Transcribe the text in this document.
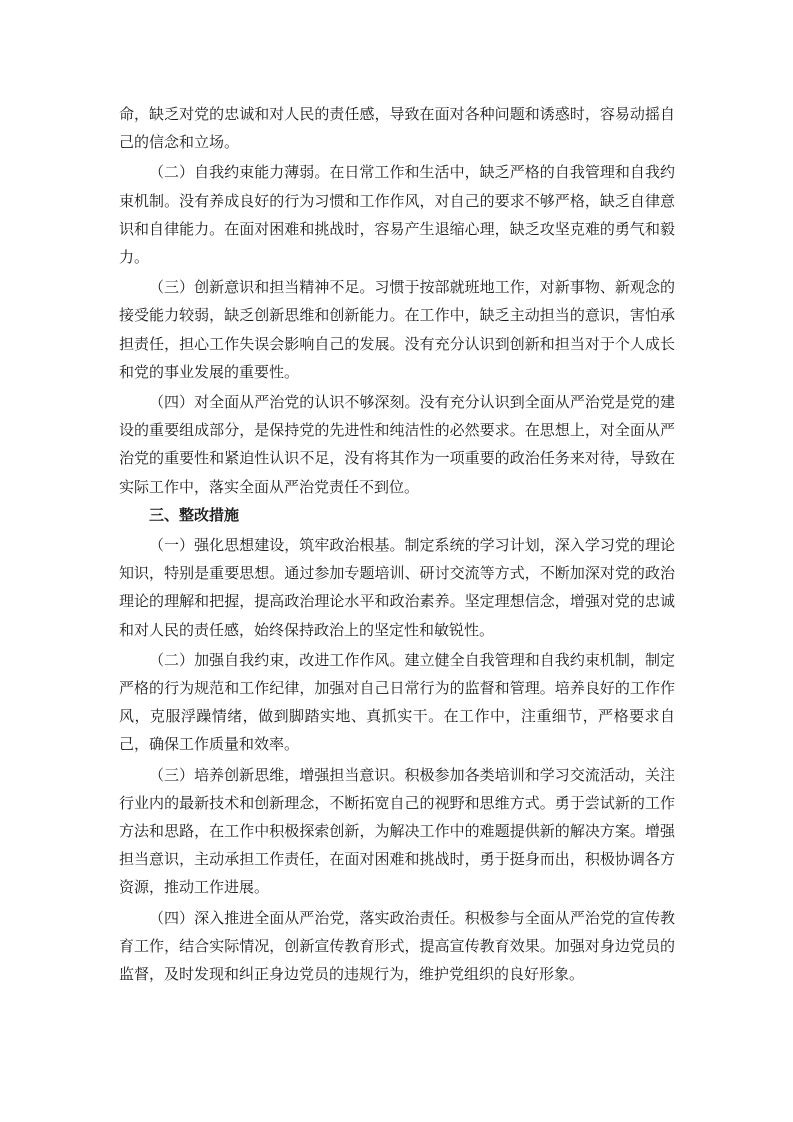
命，缺乏对党的忠诚和对人民的责任感，导致在面对各种问题和诱惑时，容易动摇自己的信念和立场。

（二）自我约束能力薄弱。在日常工作和生活中，缺乏严格的自我管理和自我约束机制。没有养成良好的行为习惯和工作作风，对自己的要求不够严格，缺乏自律意识和自律能力。在面对困难和挑战时，容易产生退缩心理，缺乏攻坚克难的勇气和毅力。

（三）创新意识和担当精神不足。习惯于按部就班地工作，对新事物、新观念的接受能力较弱，缺乏创新思维和创新能力。在工作中，缺乏主动担当的意识，害怕承担责任，担心工作失误会影响自己的发展。没有充分认识到创新和担当对于个人成长和党的事业发展的重要性。

（四）对全面从严治党的认识不够深刻。没有充分认识到全面从严治党是党的建设的重要组成部分，是保持党的先进性和纯洁性的必然要求。在思想上，对全面从严治党的重要性和紧迫性认识不足，没有将其作为一项重要的政治任务来对待，导致在实际工作中，落实全面从严治党责任不到位。

三、整改措施

（一）强化思想建设，筑牢政治根基。制定系统的学习计划，深入学习党的理论知识，特别是重要思想。通过参加专题培训、研讨交流等方式，不断加深对党的政治理论的理解和把握，提高政治理论水平和政治素养。坚定理想信念，增强对党的忠诚和对人民的责任感，始终保持政治上的坚定性和敏锐性。

（二）加强自我约束，改进工作作风。建立健全自我管理和自我约束机制，制定严格的行为规范和工作纪律，加强对自己日常行为的监督和管理。培养良好的工作作风，克服浮躁情绪，做到脚踏实地、真抓实干。在工作中，注重细节，严格要求自己，确保工作质量和效率。

（三）培养创新思维，增强担当意识。积极参加各类培训和学习交流活动，关注行业内的最新技术和创新理念，不断拓宽自己的视野和思维方式。勇于尝试新的工作方法和思路，在工作中积极探索创新，为解决工作中的难题提供新的解决方案。增强担当意识，主动承担工作责任，在面对困难和挑战时，勇于挺身而出，积极协调各方资源，推动工作进展。

（四）深入推进全面从严治党，落实政治责任。积极参与全面从严治党的宣传教育工作，结合实际情况，创新宣传教育形式，提高宣传教育效果。加强对身边党员的监督，及时发现和纠正身边党员的违规行为，维护党组织的良好形象。
